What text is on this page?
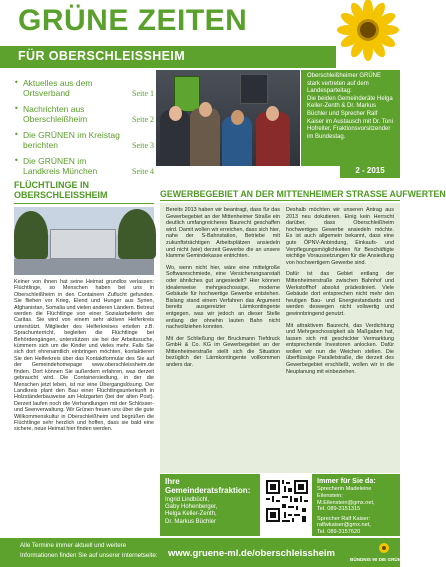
GRÜNE ZEITEN
FÜR OBERSCHLEISSHEIM
• Aktuelles aus dem Ortsverband	Seite 1
• Nachrichten aus Oberschleißheim	Seite 2
• Die GRÜNEN im Kreistag berichten	Seite 3
• Die GRÜNEN im Landkreis München	Seite 4

Oberschleißheimer GRÜNE stark vertreten auf dem Landesparteitag:

Die beiden Gemeinderäte Helga Keller-Zenth & Dr. Markus Büchler und Sprecher Ralf Kaiser im Austausch mit Dr. Toni Hofreiter, Fraktionsvorsitzender im Bundestag.

2 - 2015
FLÜCHTLINGE IN OBERSCHLEISSHEIM
Keiner von ihnen hat seine Heimat grundlos verlassen: Flüchtlinge, so Menschen haben bei uns in Oberschleißheim in den Containern Zuflucht gefunden. Sie fliehen vor Krieg, Elend und Hunger aus Syrien, Afghanistan, Somalia und vielen anderen Ländern. Betreut werden die Flüchtlinge von einer Sozialarbeiterin der Caritas. Sie wird von einem sehr aktiven Helferkreis unterstützt. Mitglieder des Helferkreises erteilen z.B. Sprachunterricht, begleiten die Flüchtlinge bei Behördengängen, unterstützen sie bei der Arbeitssuche, kümmern sich um die Kinder und vieles mehr. Falls Sie sich dort ehrenamtlich einbringen möchten, kontaktieren Sie den Helferkreis über das Kontaktformular des Sie auf der Gemeindehomepage www.oberschleissheim.de finden. Dort können Sie außerdem erfahren, was derzeit gebraucht wird. Die Containersiedlung, in der die Menschen jetzt leben, ist nur eine Übergangslösung. Der Landkreis plant den Bau einer Flüchtlingsunterkunft in Holzständerbauweise am Holzgarten (bei der alten Post). Derzeit laufen noch die Verhandlungen mit der Schlösser- und Seenverwaltung. Wir Grünen freuen uns über die gute Willkommenskultur in Oberschleißheim und begrüßen die Flüchtlinge sehr herzlich und hoffen, dass sie bald eine sichere, neue Heimat hier finden werden.
GEWERBEGEBIET AN DER MITTENHEIMER STRASSE AUFWERTEN

Bereits 2013 haben wir beantragt, dass für das Gewerbegebiet an der Mittenheimer Straße ein deutlich umfangreicheres Baurecht geschaffen wird. Damit wollen wir erreichen, dass sich hier, nahe der S-Bahnstation, Betriebe mit zukunftsträchtigen Arbeitsplätzen ansiedeln und nicht (wie) derzeit Gewerbe die an unsere klamme Gemindekasse entrichten.

Wo, wenn nicht hier, wäre eine mittelgroße Softwareschmiede, eine Versicherungsanstalt oder ähnliches gut angesiedelt? Hier können idealerweise mehrgeschossige, moderne Gebäude für hochwertige Gewerbe entstehen. Bislang stand einem Verfahren das Argument bereits ausgereizter Lärmkontingente entgegen, was wir jedoch an dieser Stelle entlang der ohnehin lauten Bahn nicht nachvollziehen konnten.

Mit der Schließung der Bruckmann Tiefdruck GmbH & Co. KG im Gewerbegebiet an der Mittenheimerstraße stellt sich die Situation bezüglich der Lärmkontingente vollkommen anders dar.

Deshalb möchten wir unseren Antrag aus 2013 neu dokutieren. Einig kein Herrscht darüber, dass Oberschleißheim hochwertiges Gewerbe ansiedeln möchte. Es ist auch allgemein bekannt, dass eine gute ÖPNV-Anbindung, Einkaufs- und Verpflegungsmöglichkeiten für Beschäftigte wichtige Voraussetzungen für die Ansiedlung von hochwertigem Gewerbe sind.

Dafür ist das Gebiet entlang der Mittenheimerstraße zwischen Bahnhof und Werkstoffhof absolut prädestiniert. Viele Gebäude dort entsprechen nicht mehr den heutigen Bau- und Energiestandards und werden deswegen nicht vollwertig und gewinnbringend genutzt.

Mit attraktivem Baurecht, das Verdichtung und Mehrgeschossigkeit als Maßgaben hat, lassen sich mit geschickter Vermarktung entsprechende Investoren anlocken. Dafür wollen wir nun die Weichen stellen. Die überflüssige Parallelstraße, die derzeit des Gewerbegebiet erschließt, wollen wir in die Neuplanung mit einbeziehen.

Ihre Gemeinderatsfraktion:
Ingrid Lindbüchl,
Gaby Hohenberger,
Helga Keller-Zenth,
Dr. Markus Büchler
Immer für Sie da:
Sprecherin Madeleine Eilenstein:
M.Eilenstein@gmx.net,
Tel. 089-3151315
Sprecher Ralf Kaiser:
ralfwkaiser@gmx.net,
Tel. 089-3157620
Alle Termine immer aktuell und weitere
Informationen finden Sie auf unserer Internetseite: www.gruene-ml.de/oberschleissheim
BÜNDNIS 90 DIE GRÜNEN
